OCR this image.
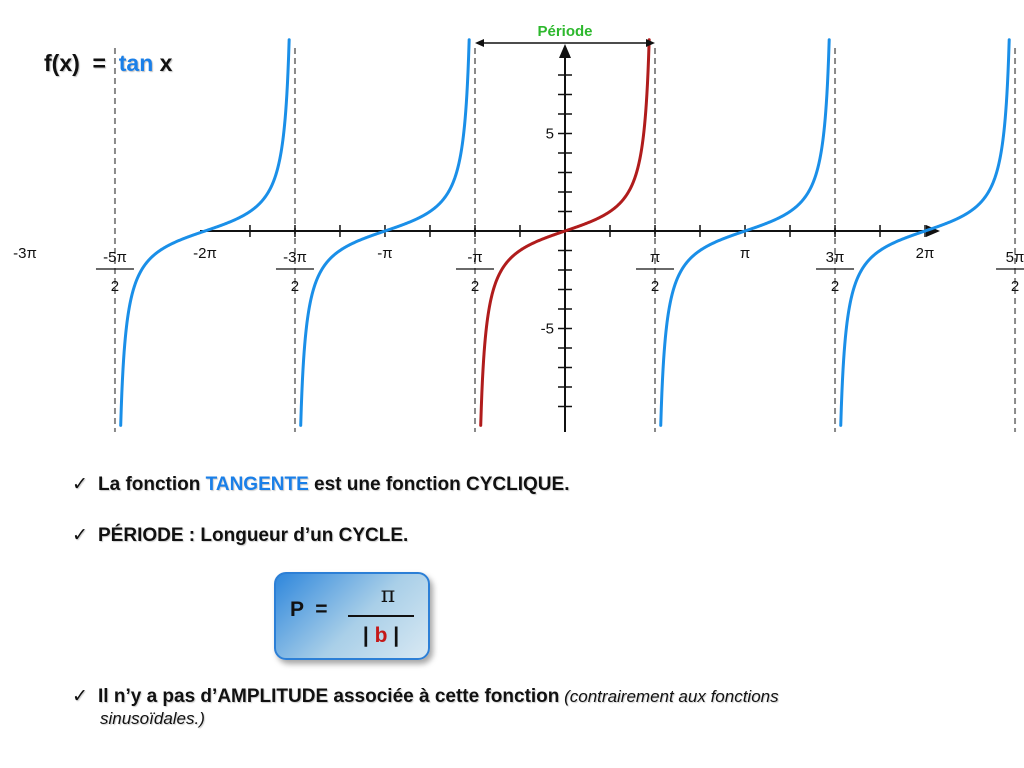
f(x)  =  tan x
-3π	-5π
2
-2π	-3π
2
-π	-π
2
π
2
π	3π
2
2π	5π
2
5
-5
Période
✓ La fonction TANGENTE est une fonction CYCLIQUE.
✓ PÉRIODE : Longueur d’un CYCLE.
P  =
π
| b |
✓ Il n’y a pas d’AMPLITUDE associée à cette fonction (contrairement aux fonctions
sinusoïdales.)
